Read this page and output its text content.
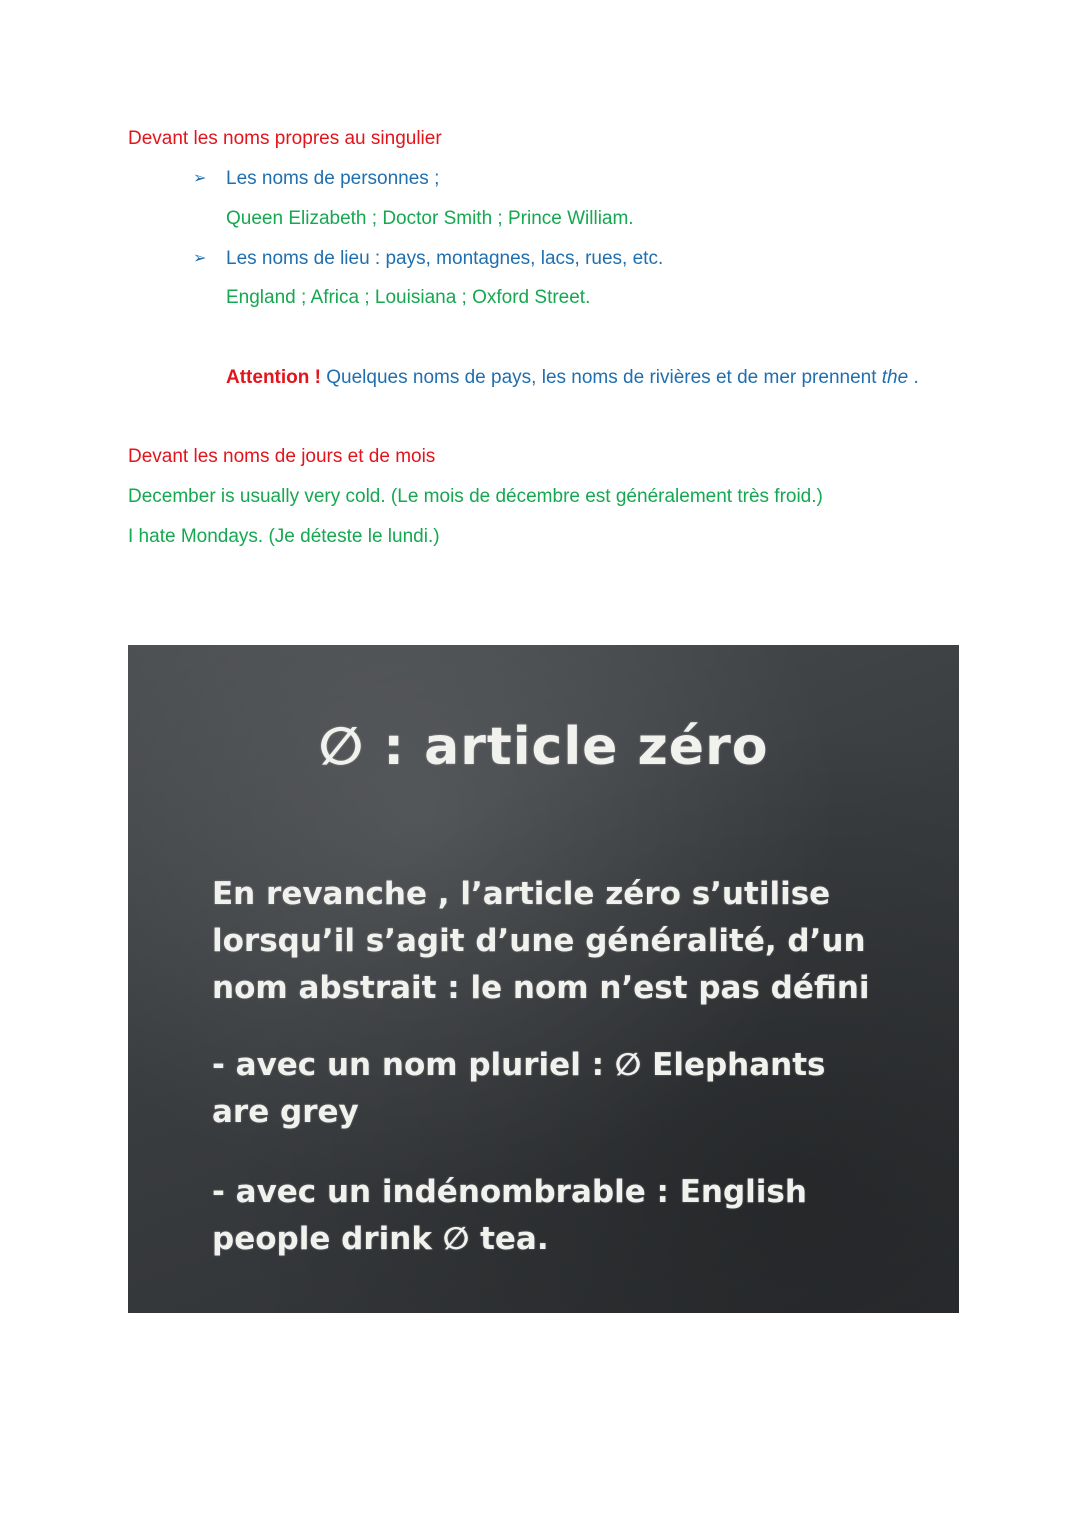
Devant les noms propres au singulier
➢ Les noms de personnes ;
Queen Elizabeth ; Doctor Smith ; Prince William.
➢ Les noms de lieu : pays, montagnes, lacs, rues, etc.
England ; Africa ; Louisiana ; Oxford Street.
Attention ! Quelques noms de pays, les noms de rivières et de mer prennent the .
Devant les noms de jours et de mois
December is usually very cold. (Le mois de décembre est généralement très froid.)
I hate Mondays. (Je déteste le lundi.)
∅ : article zéro
En revanche , l’article zéro s’utilise
lorsqu’il s’agit d’une généralité, d’un
nom abstrait : le nom n’est pas défini
- avec un nom pluriel : ∅ Elephants
are grey
- avec un indénombrable : English
people drink ∅ tea.
